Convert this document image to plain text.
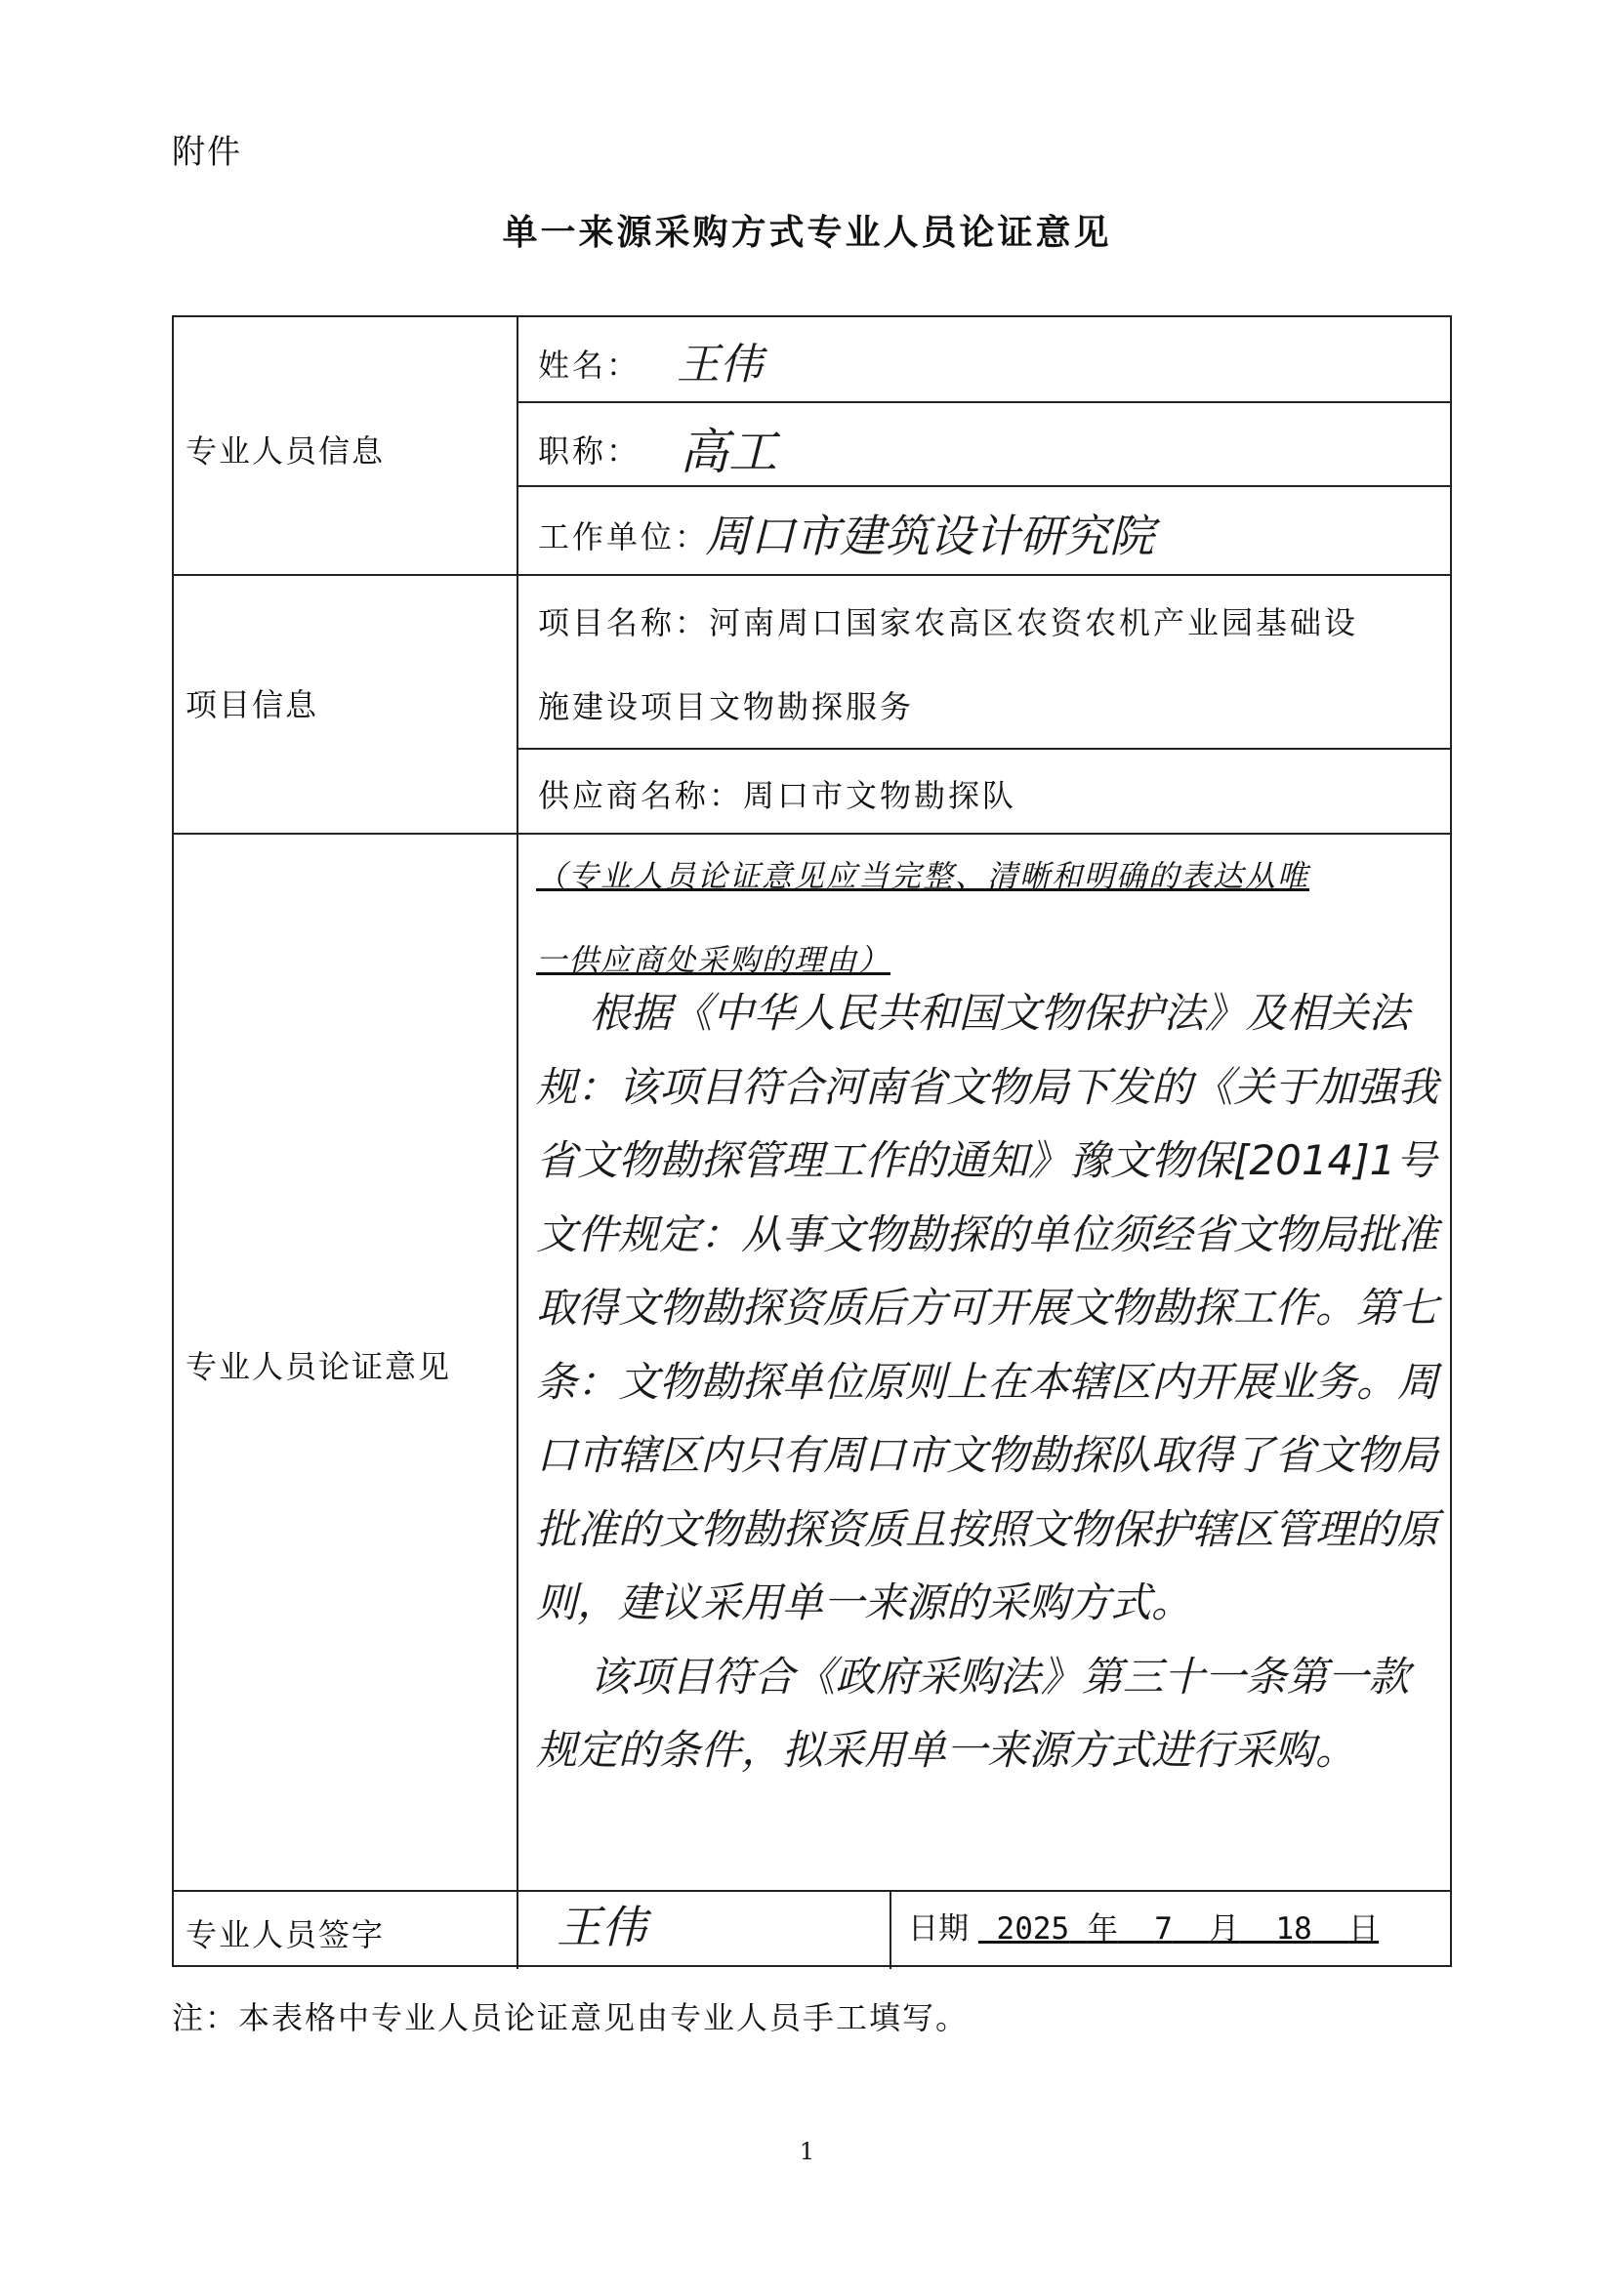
附件
单一来源采购方式专业人员论证意见
专业人员信息
项目信息
专业人员论证意见
专业人员签字
姓名： 王伟
职称： 高工
工作单位：
周口市建筑设计研究院
项目名称：河南周口国家农高区农资农机产业园基础设
施建设项目文物勘探服务
供应商名称：周口市文物勘探队
（专业人员论证意见应当完整、清晰和明确的表达从唯
一供应商处采购的理由）

根据《中华人民共和国文物保护法》及相关法规：该项目符合河南省文物局下发的《关于加强我省文物勘探管理工作的通知》豫文物保[2014]1号文件规定：从事文物勘探的单位须经省文物局批准取得文物勘探资质后方可开展文物勘探工作。第七条：文物勘探单位原则上在本辖区内开展业务。周口市辖区内只有周口市文物勘探队取得了省文物局批准的文物勘探资质且按照文物保护辖区管理的原则，建议采用单一来源的采购方式。

该项目符合《政府采购法》第三十一条第一款规定的条件，拟采用单一来源方式进行采购。

王伟	日期 2025 年 7 月 18 日
注：本表格中专业人员论证意见由专业人员手工填写。
1
